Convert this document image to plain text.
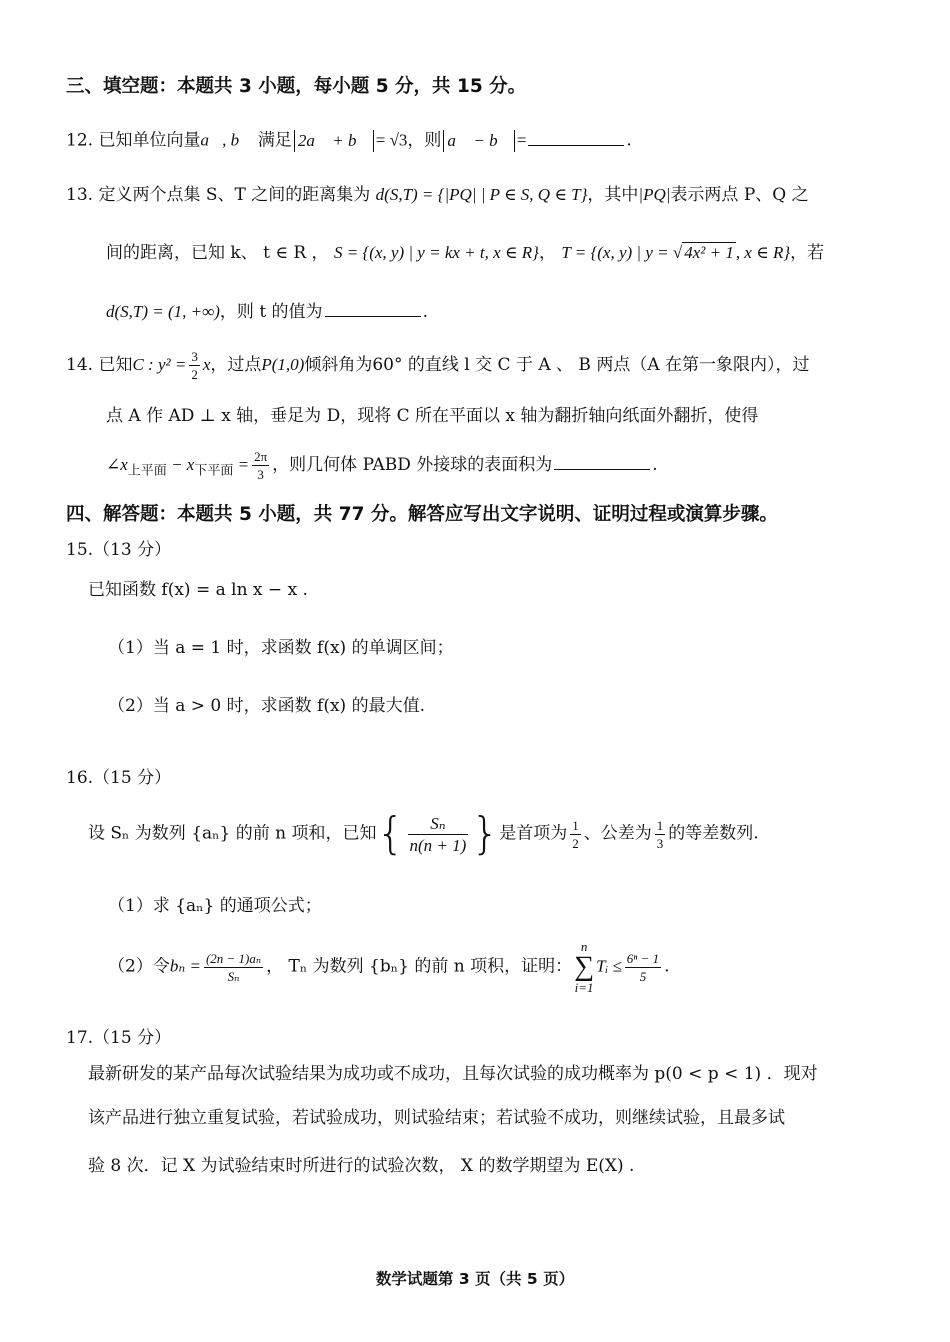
三、填空题：本题共 3 小题，每小题 5 分，共 15 分。
12. 已知单位向量a⃗, b⃗ 满足 2a⃗ + b⃗ = √3，则 a⃗ − b⃗ =	.
13. 定义两个点集 S、T 之间的距离集为 d(S,T) = {|PQ| | P ∈ S, Q ∈ T}，其中|PQ|表示两点 P、Q 之
间的距离，已知 k、 t ∈ R ， S = {(x, y) | y = kx + t, x ∈ R}， T = {(x, y) | y = √ 4x² + 1 , x ∈ R}，若
d(S,T) = (1, +∞)，则 t 的值为	.
14. 已知C : $y^2 = \frac{3}{2}$ x，过点P(1,0)倾斜角为60° 的直线 l 交 C 于 A 、 B 两点（A 在第一象限内），过
点 A 作 AD ⊥ x 轴，垂足为 D，现将 C 所在平面以 x 轴为翻折轴向纸面外翻折，使得
$\angle x_{上平面} - x_{下平面} = \frac{2\pi}{3}$ ，则几何体 PABD 外接球的表面积为	.
四、解答题：本题共 5 小题，共 77 分。解答应写出文字说明、证明过程或演算步骤。
15.（13 分）
已知函数 f(x) = a ln x − x .
（1）当 a = 1 时，求函数 f(x) 的单调区间；
（2）当 a > 0 时，求函数 f(x) 的最大值.
16.（15 分）
设 Sₙ 为数列 {aₙ} 的前 n 项和，已知{ $\frac{\text{Sₙ}}{n(n + 1)}$ }是首项为 $\frac{1}{2}$ 、公差为 $\frac{1}{3}$ 的等差数列.
（1）求 {aₙ} 的通项公式；
（2）令$b_n = \frac{\text{(2n − 1)aₙ}}{\text{Sₙ}}$ ， Tₙ 为数列 {bₙ} 的前 n 项积，证明：
n
∑
i=1
Tᵢ ≤ $\frac{\text{6ⁿ − 1}}{5}$ .
17.（15 分）
最新研发的某产品每次试验结果为成功或不成功，且每次试验的成功概率为 p(0 < p < 1) ．现对
该产品进行独立重复试验，若试验成功，则试验结束；若试验不成功，则继续试验，且最多试
验 8 次．记 X 为试验结束时所进行的试验次数， X 的数学期望为 E(X) .
数学试题第 3 页（共 5 页）
